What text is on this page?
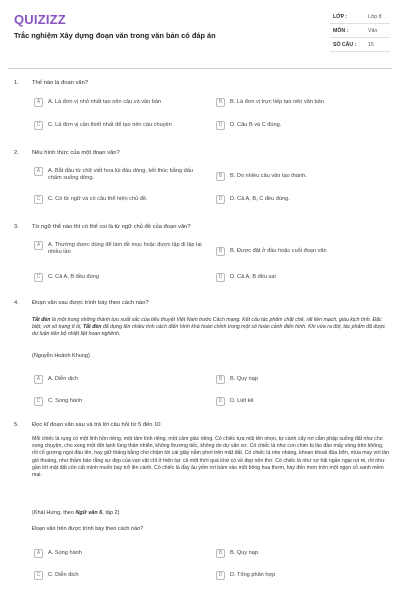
QUIZIZZ
Trắc nghiệm Xây dựng đoạn văn trong văn bản có đáp án
LỚP :	Lớp 8
MÔN :	Văn
SỐ CÂU : 15
1. Thế nào là đoạn văn?
A	A. Là đơn vị nhỏ nhất tạo nên câu và văn bản	B	B. Là đơn vị trực tiếp tạo nên văn bản
C	C. Là đơn vị cần thiết nhất để tạo nên câu chuyện	D	D. Câu B và C đúng.
2. Nêu hình thức của một đoạn văn?
A	A. Bắt đầu từ chữ viết hoa lùi đầu dòng, kết thúc bằng dấu chấm xuống dòng.	B	B. Do nhiều câu văn tạo thành.
C	C. Có từ ngữ và có câu thể hiện chủ đề.	D	D. Cả A, B, C đều đúng.
3. Từ ngữ thể nào thì có thể coi là từ ngữ chủ đề của đoạn văn?
A	A. Thường được dùng để làm đề mục hoặc được lặp đi lặp lại nhiều lần	B	B. Được đặt ở đầu hoặc cuối đoạn văn
C	C. Cả A, B đều đúng	D	D. Cả A, B đều sai
4. Đoạn văn sau được trình bày theo cách nào?
Tắt đèn là một trong những thành tựu xuất sắc của tiểu thuyết Việt Nam trước Cách mạng. Kết cấu tác phẩm chặt chẽ, rất liền mạch, giàu kịch tính. Đặc biệt, với số trang ít ỏi, Tắt đèn đã dựng lên nhiều tình cách điển hình khá hoàn chỉnh trong một số hoàn cảnh điển hình. Khi vừa ra đời, tác phẩm đã được dư luận tiến bộ nhiệt liệt hoan nghênh.
(Nguyễn Hoành Khung)
A	A. Diễn dịch	B	B. Quy nạp
C	C. Song hành	D	D. Liệt kê
5. Đọc kĩ đoạn văn sau và trả lời câu hỏi từ 5 đến 10
Mỗi chiếc lá rụng có một linh hồn riêng, một tâm tình riêng, một cảm giác riêng. Có chiếc tựa mũi tên nhọn, tự cành cây rơi cắm phập xuống đất như cho xong chuyện, cho xong một đời lạnh lùng thản nhiên, không thương tiếc, không do dự vẩn vơ. Có chiếc lá như con chim bị lảo đảo mấy vòng trên không, rồi cố gượng ngoi đầu lên, hay giữ thăng bằng cho chậm tới cái giây nằm phơi trên mặt đất. Có chiếc lá nhẹ nhàng, khoan khoái đùa bỡn, múa may với làn gió thoảng, như thầm bảo rằng sự đẹp của vạn vật chỉ ở hiện tại: cả một thời quá khứ có về đẹp nên thơ. Có chiếc lá như sợ hãi ngần ngại rụt rè, rồi như gần tới mặt đất còn cất mình muốn bay trở lên cành. Có chiếc lá đầy âu yếm rơi bám vào một bông hoa thơm, hay đến mơn trớn một ngọn cỏ xanh mềm mại.
(Khái Hưng, theo Ngữ văn 6, tập 2)
Đoạn văn trên được trình bày theo cách nào?
A	A. Song hành	B	B. Quy nạp
C	C. Diễn dịch	D	D. Tổng phân hợp
